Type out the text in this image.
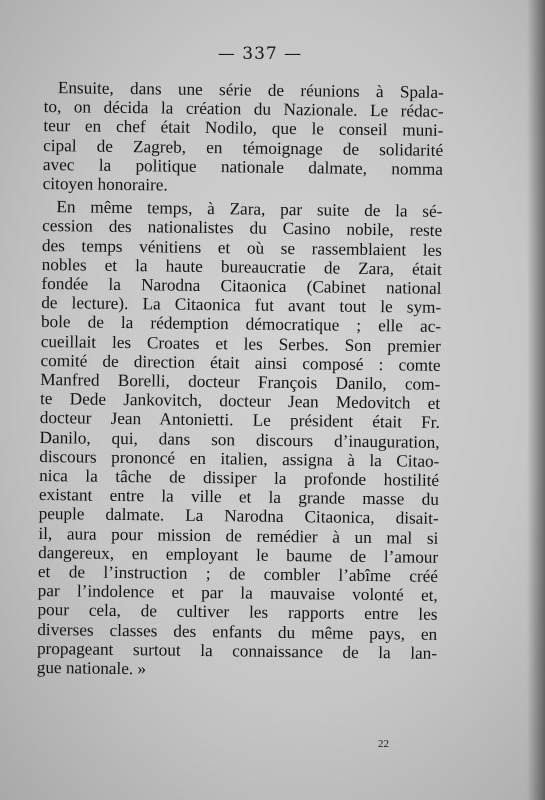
— 337 —
Ensuite, dans une série de réunions à Spala-
to, on décida la création du Nazionale. Le rédac-
teur en chef était Nodilo, que le conseil muni-
cipal de Zagreb, en témoignage de solidarité
avec la politique nationale dalmate, nomma
citoyen honoraire.
En même temps, à Zara, par suite de la sé-
cession des nationalistes du Casino nobile, reste
des temps vénitiens et où se rassemblaient les
nobles et la haute bureaucratie de Zara, était
fondée la Narodna Citaonica (Cabinet national
de lecture). La Citaonica fut avant tout le sym-
bole de la rédemption démocratique ; elle ac-
cueillait les Croates et les Serbes. Son premier
comité de direction était ainsi composé : comte
Manfred Borelli, docteur François Danilo, com-
te Dede Jankovitch, docteur Jean Medovitch et
docteur Jean Antonietti. Le président était Fr.
Danilo, qui, dans son discours d’inauguration,
discours prononcé en italien, assigna à la Citao-
nica la tâche de dissiper la profonde hostilité
existant entre la ville et la grande masse du
peuple dalmate. La Narodna Citaonica, disait-
il, aura pour mission de remédier à un mal si
dangereux, en employant le baume de l’amour
et de l’instruction ; de combler l’abîme créé
par l’indolence et par la mauvaise volonté et,
pour cela, de cultiver les rapports entre les
diverses classes des enfants du même pays, en
propageant surtout la connaissance de la lan-
gue nationale. »
22
